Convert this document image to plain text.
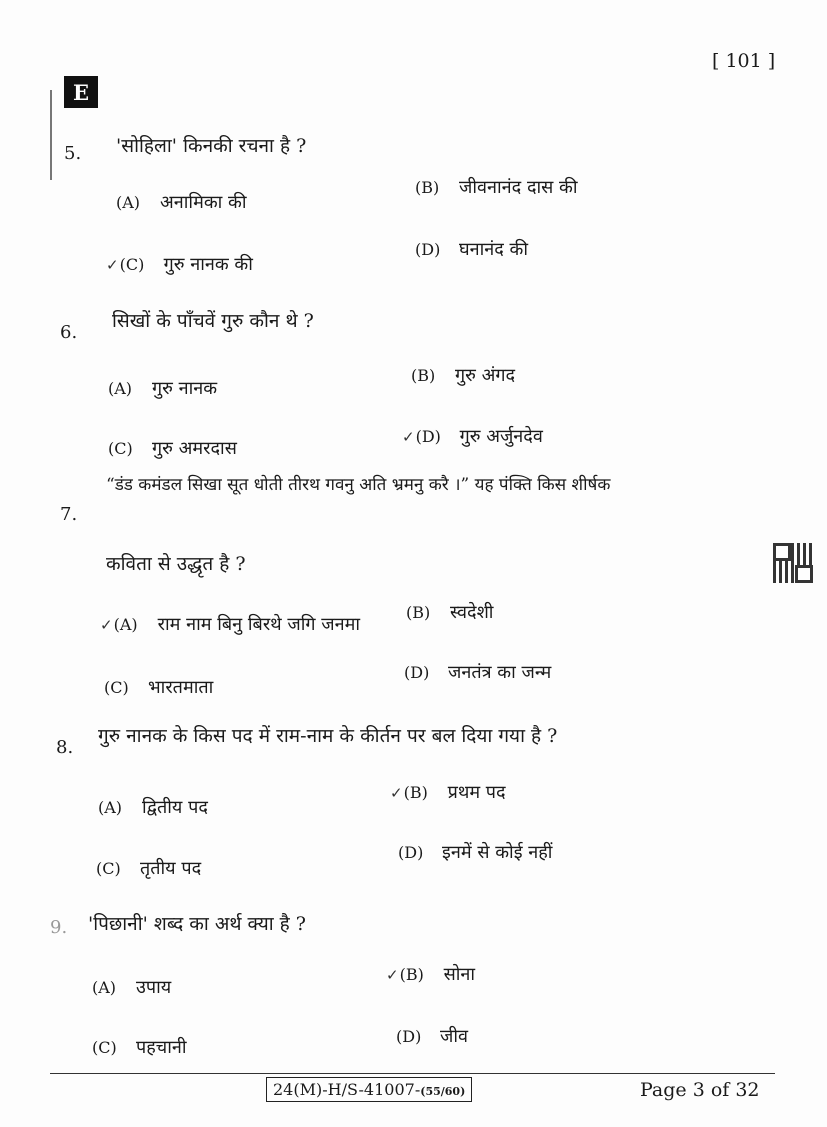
[ 101 ]
E
5. 'सोहिला' किनकी रचना है ?
(A) अनामिका की
(B) जीवनानंद दास की
✓(C) गुरु नानक की
(D) घनानंद की
6.
सिखों के पाँचवें गुरु कौन थे ?
(A) गुरु नानक
(B) गुरु अंगद
(C) गुरु अमरदास
✓(D) गुरु अर्जुनदेव
7.
“डंड कमंडल सिखा सूत धोती तीरथ गवनु अति भ्रमनु करै ।” यह पंक्ति किस शीर्षक
कविता से उद्धृत है ?
✓(A) राम नाम बिनु बिरथे जगि जनमा
(B) स्वदेशी
(C) भारतमाता
(D) जनतंत्र का जन्म
8.
गुरु नानक के किस पद में राम-नाम के कीर्तन पर बल दिया गया है ?
(A) द्वितीय पद
✓(B) प्रथम पद
(C) तृतीय पद
(D) इनमें से कोई नहीं
9. 'पिछानी' शब्द का अर्थ क्या है ?
(A) उपाय
✓(B) सोना
(C) पहचानी
(D) जीव
24(M)-H/S-41007-(55/60)	Page 3 of 32
